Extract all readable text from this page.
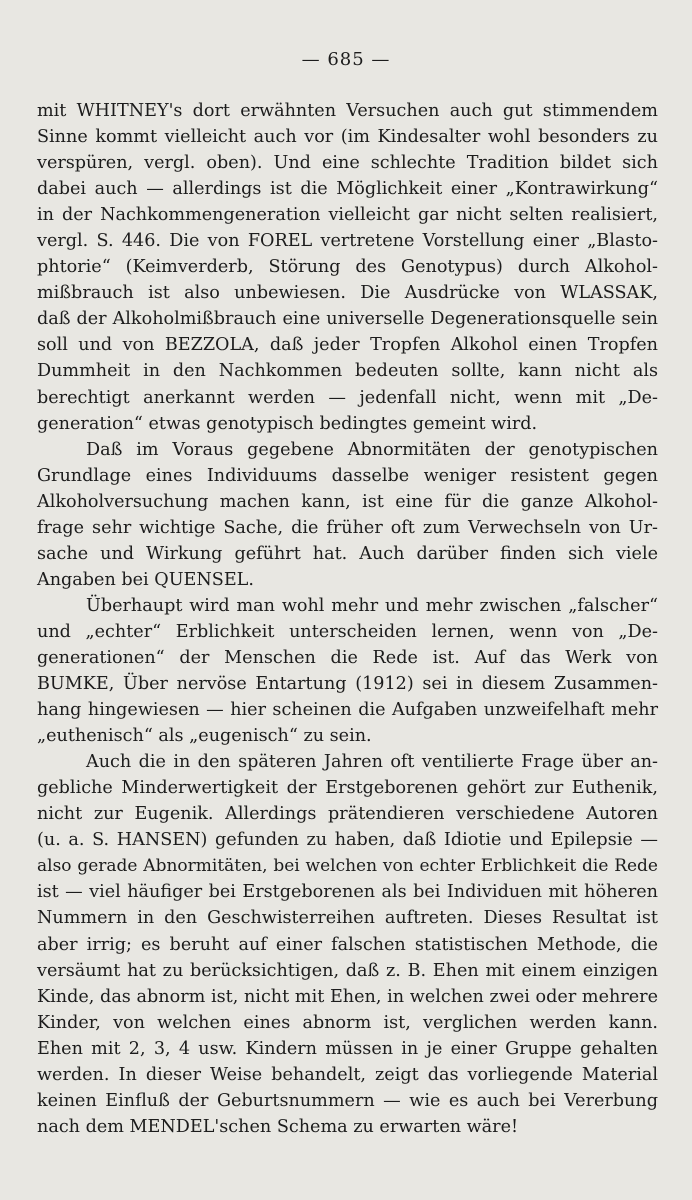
— 685 —
mit WHITNEY's dort erwähnten Versuchen auch gut stimmendem
Sinne kommt vielleicht auch vor (im Kindesalter wohl besonders zu
verspüren, vergl. oben). Und eine schlechte Tradition bildet sich
dabei auch — allerdings ist die Möglichkeit einer „Kontrawirkung“
in der Nachkommengeneration vielleicht gar nicht selten realisiert,
vergl. S. 446. Die von FOREL vertretene Vorstellung einer „Blasto-
phtorie“ (Keimverderb, Störung des Genotypus) durch Alkohol-
mißbrauch ist also unbewiesen. Die Ausdrücke von WLASSAK,
daß der Alkoholmißbrauch eine universelle Degenerationsquelle sein
soll und von BEZZOLA, daß jeder Tropfen Alkohol einen Tropfen
Dummheit in den Nachkommen bedeuten sollte, kann nicht als
berechtigt anerkannt werden — jedenfall nicht, wenn mit „De-
generation“ etwas genotypisch bedingtes gemeint wird.
Daß im Voraus gegebene Abnormitäten der genotypischen
Grundlage eines Individuums dasselbe weniger resistent gegen
Alkoholversuchung machen kann, ist eine für die ganze Alkohol-
frage sehr wichtige Sache, die früher oft zum Verwechseln von Ur-
sache und Wirkung geführt hat. Auch darüber finden sich viele
Angaben bei QUENSEL.
Überhaupt wird man wohl mehr und mehr zwischen „falscher“
und „echter“ Erblichkeit unterscheiden lernen, wenn von „De-
generationen“ der Menschen die Rede ist. Auf das Werk von
BUMKE, Über nervöse Entartung (1912) sei in diesem Zusammen-
hang hingewiesen — hier scheinen die Aufgaben unzweifelhaft mehr
„euthenisch“ als „eugenisch“ zu sein.
Auch die in den späteren Jahren oft ventilierte Frage über an-
gebliche Minderwertigkeit der Erstgeborenen gehört zur Euthenik,
nicht zur Eugenik. Allerdings prätendieren verschiedene Autoren
(u. a. S. HANSEN) gefunden zu haben, daß Idiotie und Epilepsie —
also gerade Abnormitäten, bei welchen von echter Erblichkeit die Rede
ist — viel häufiger bei Erstgeborenen als bei Individuen mit höheren
Nummern in den Geschwisterreihen auftreten. Dieses Resultat ist
aber irrig; es beruht auf einer falschen statistischen Methode, die
versäumt hat zu berücksichtigen, daß z. B. Ehen mit einem einzigen
Kinde, das abnorm ist, nicht mit Ehen, in welchen zwei oder mehrere
Kinder, von welchen eines abnorm ist, verglichen werden kann.
Ehen mit 2, 3, 4 usw. Kindern müssen in je einer Gruppe gehalten
werden. In dieser Weise behandelt, zeigt das vorliegende Material
keinen Einfluß der Geburtsnummern — wie es auch bei Vererbung
nach dem MENDEL'schen Schema zu erwarten wäre!
